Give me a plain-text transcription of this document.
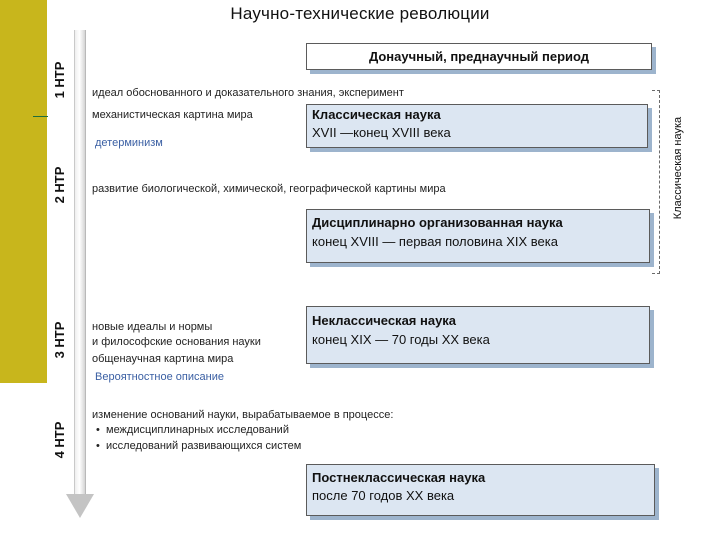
Научно-технические революции
1 НТР
2 НТР
3 НТР
4 НТР
идеал обоснованного и доказательного знания, эксперимент
механистическая картина мира
детерминизм
развитие биологической, химической, географической картины мира
новые идеалы и нормы
и философские основания науки
общенаучная картина мира
Вероятностное описание
изменение оснований науки, вырабатываемое в процессе:
• междисциплинарных исследований
• исследований развивающихся систем
Донаучный, преднаучный период
Классическая наука
XVII —конец XVIII века
Дисциплинарно организованная наука
конец XVIII — первая половина XIX века
Неклассическая наука
конец XIX — 70 годы XX века
Постнеклассическая наука
после 70 годов XX века
Классическая наука
